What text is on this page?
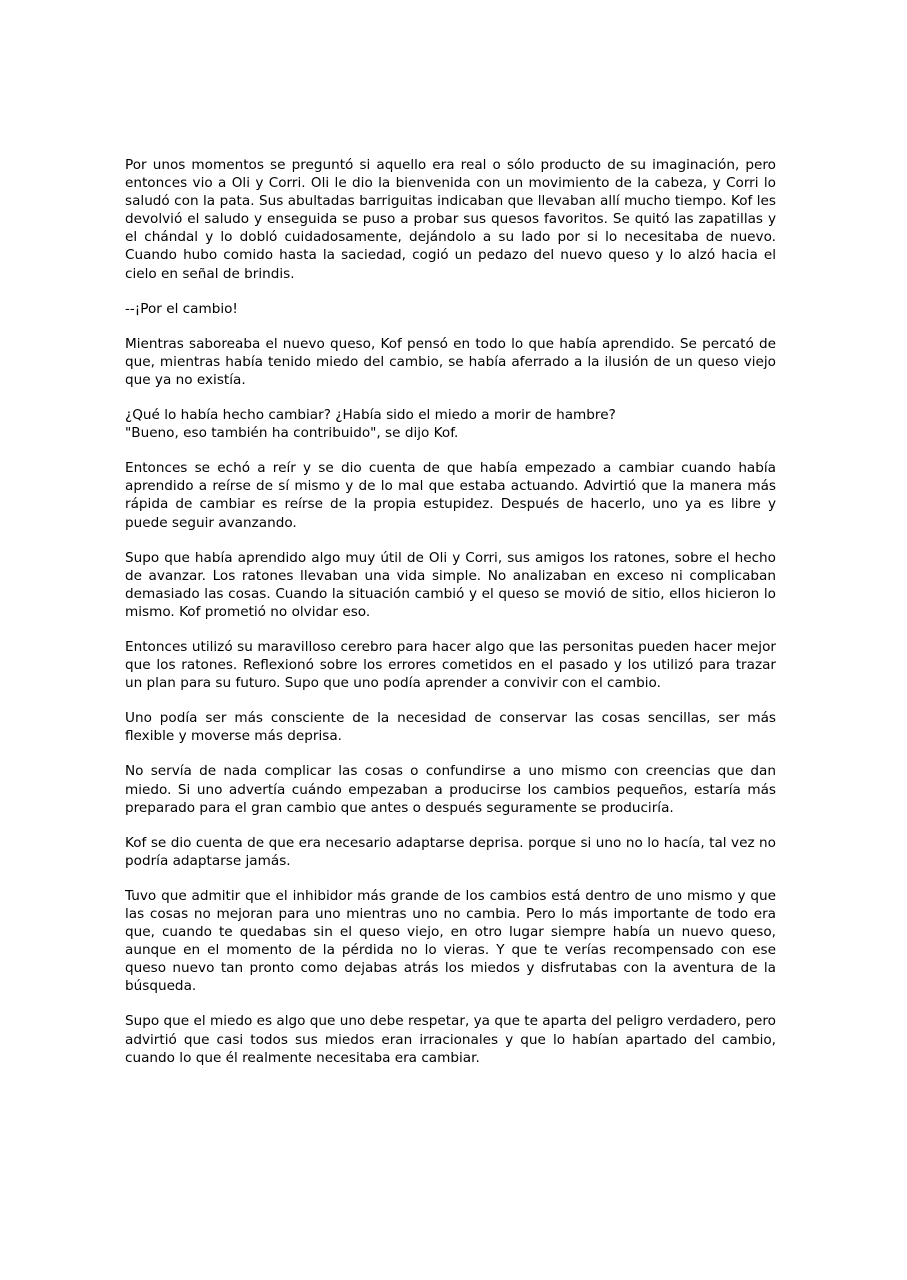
Por unos momentos se preguntó si aquello era real o sólo producto de su imaginación, pero entonces vio a Oli y Corri. Oli le dio la bienvenida con un movimiento de la cabeza, y Corri lo saludó con la pata. Sus abultadas barriguitas indicaban que llevaban allí mucho tiempo. Kof les devolvió el saludo y enseguida se puso a probar sus quesos favoritos. Se quitó las zapatillas y el chándal y lo dobló cuidadosamente, dejándolo a su lado por si lo necesitaba de nuevo. Cuando hubo comido hasta la saciedad, cogió un pedazo del nuevo queso y lo alzó hacia el cielo en señal de brindis.

--¡Por el cambio!

Mientras saboreaba el nuevo queso, Kof pensó en todo lo que había aprendido. Se percató de que, mientras había tenido miedo del cambio, se había aferrado a la ilusión de un queso viejo que ya no existía.

¿Qué lo había hecho cambiar? ¿Había sido el miedo a morir de hambre?
"Bueno, eso también ha contribuido", se dijo Kof.

Entonces se echó a reír y se dio cuenta de que había empezado a cambiar cuando había aprendido a reírse de sí mismo y de lo mal que estaba actuando. Advirtió que la manera más rápida de cambiar es reírse de la propia estupidez. Después de hacerlo, uno ya es libre y puede seguir avanzando.

Supo que había aprendido algo muy útil de Oli y Corri, sus amigos los ratones, sobre el hecho de avanzar. Los ratones llevaban una vida simple. No analizaban en exceso ni complicaban demasiado las cosas. Cuando la situación cambió y el queso se movió de sitio, ellos hicieron lo mismo. Kof prometió no olvidar eso.

Entonces utilizó su maravilloso cerebro para hacer algo que las personitas pueden hacer mejor que los ratones. Reflexionó sobre los errores cometidos en el pasado y los utilizó para trazar un plan para su futuro. Supo que uno podía aprender a convivir con el cambio.

Uno podía ser más consciente de la necesidad de conservar las cosas sencillas, ser más flexible y moverse más deprisa.

No servía de nada complicar las cosas o confundirse a uno mismo con creencias que dan miedo. Si uno advertía cuándo empezaban a producirse los cambios pequeños, estaría más preparado para el gran cambio que antes o después seguramente se produciría.

Kof se dio cuenta de que era necesario adaptarse deprisa. porque si uno no lo hacía, tal vez no podría adaptarse jamás.

Tuvo que admitir que el inhibidor más grande de los cambios está dentro de uno mismo y que las cosas no mejoran para uno mientras uno no cambia. Pero lo más importante de todo era que, cuando te quedabas sin el queso viejo, en otro lugar siempre había un nuevo queso, aunque en el momento de la pérdida no lo vieras. Y que te verías recompensado con ese queso nuevo tan pronto como dejabas atrás los miedos y disfrutabas con la aventura de la búsqueda.

Supo que el miedo es algo que uno debe respetar, ya que te aparta del peligro verdadero, pero advirtió que casi todos sus miedos eran irracionales y que lo habían apartado del cambio, cuando lo que él realmente necesitaba era cambiar.
